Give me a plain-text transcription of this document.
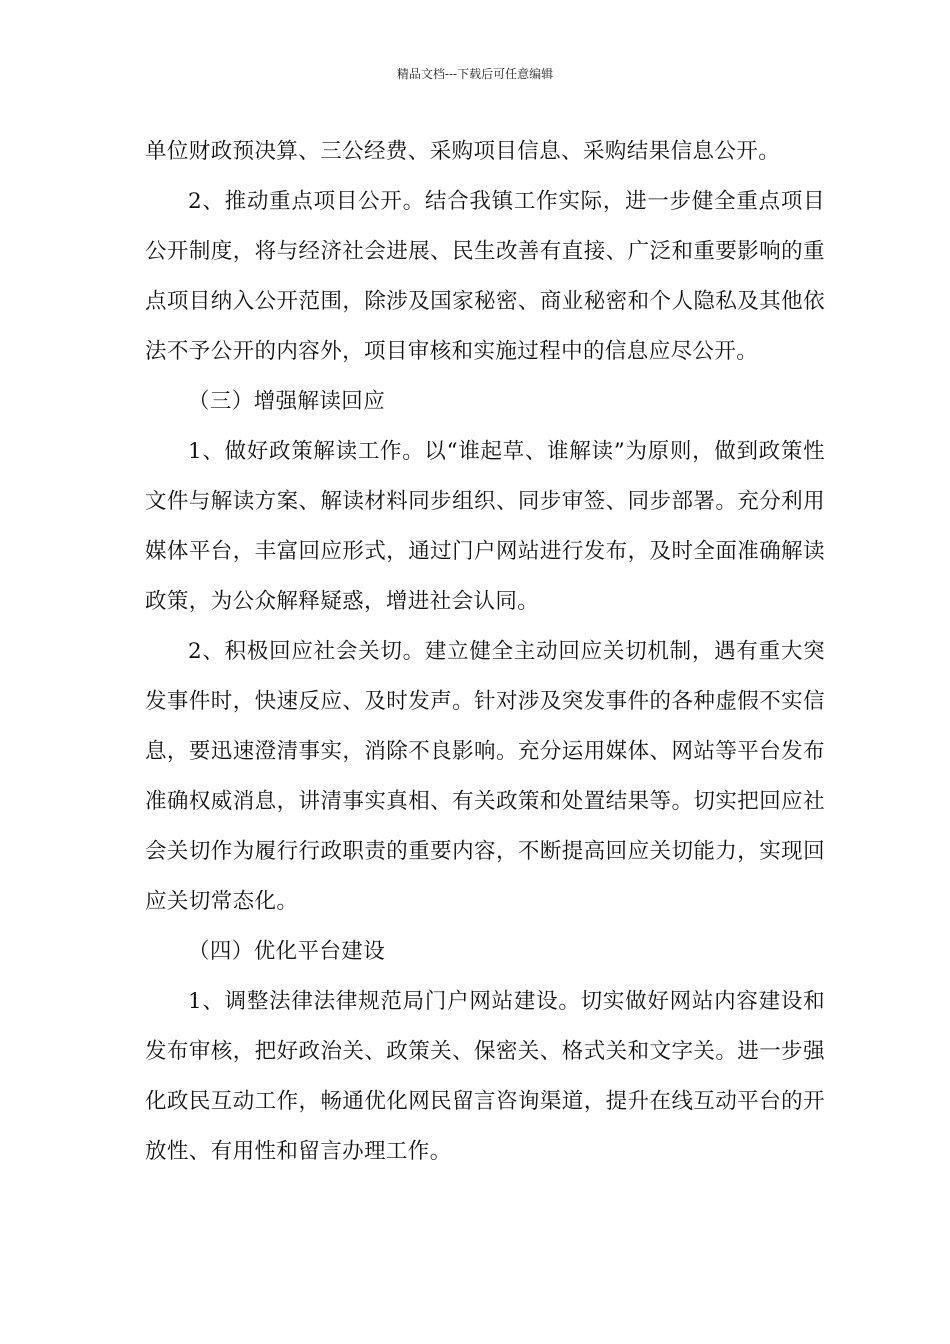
精品文档---下载后可任意编辑

单位财政预决算、三公经费、采购项目信息、采购结果信息公开。

2、推动重点项目公开。结合我镇工作实际，进一步健全重点项目公开制度，将与经济社会进展、民生改善有直接、广泛和重要影响的重点项目纳入公开范围，除涉及国家秘密、商业秘密和个人隐私及其他依法不予公开的内容外，项目审核和实施过程中的信息应尽公开。

（三）增强解读回应

1、做好政策解读工作。以“谁起草、谁解读”为原则，做到政策性文件与解读方案、解读材料同步组织、同步审签、同步部署。充分利用媒体平台，丰富回应形式，通过门户网站进行发布，及时全面准确解读政策，为公众解释疑惑，增进社会认同。

2、积极回应社会关切。建立健全主动回应关切机制，遇有重大突发事件时，快速反应、及时发声。针对涉及突发事件的各种虚假不实信息，要迅速澄清事实，消除不良影响。充分运用媒体、网站等平台发布准确权威消息，讲清事实真相、有关政策和处置结果等。切实把回应社会关切作为履行行政职责的重要内容，不断提高回应关切能力，实现回应关切常态化。

（四）优化平台建设

1、调整法律法律规范局门户网站建设。切实做好网站内容建设和发布审核，把好政治关、政策关、保密关、格式关和文字关。进一步强化政民互动工作，畅通优化网民留言咨询渠道，提升在线互动平台的开放性、有用性和留言办理工作。
